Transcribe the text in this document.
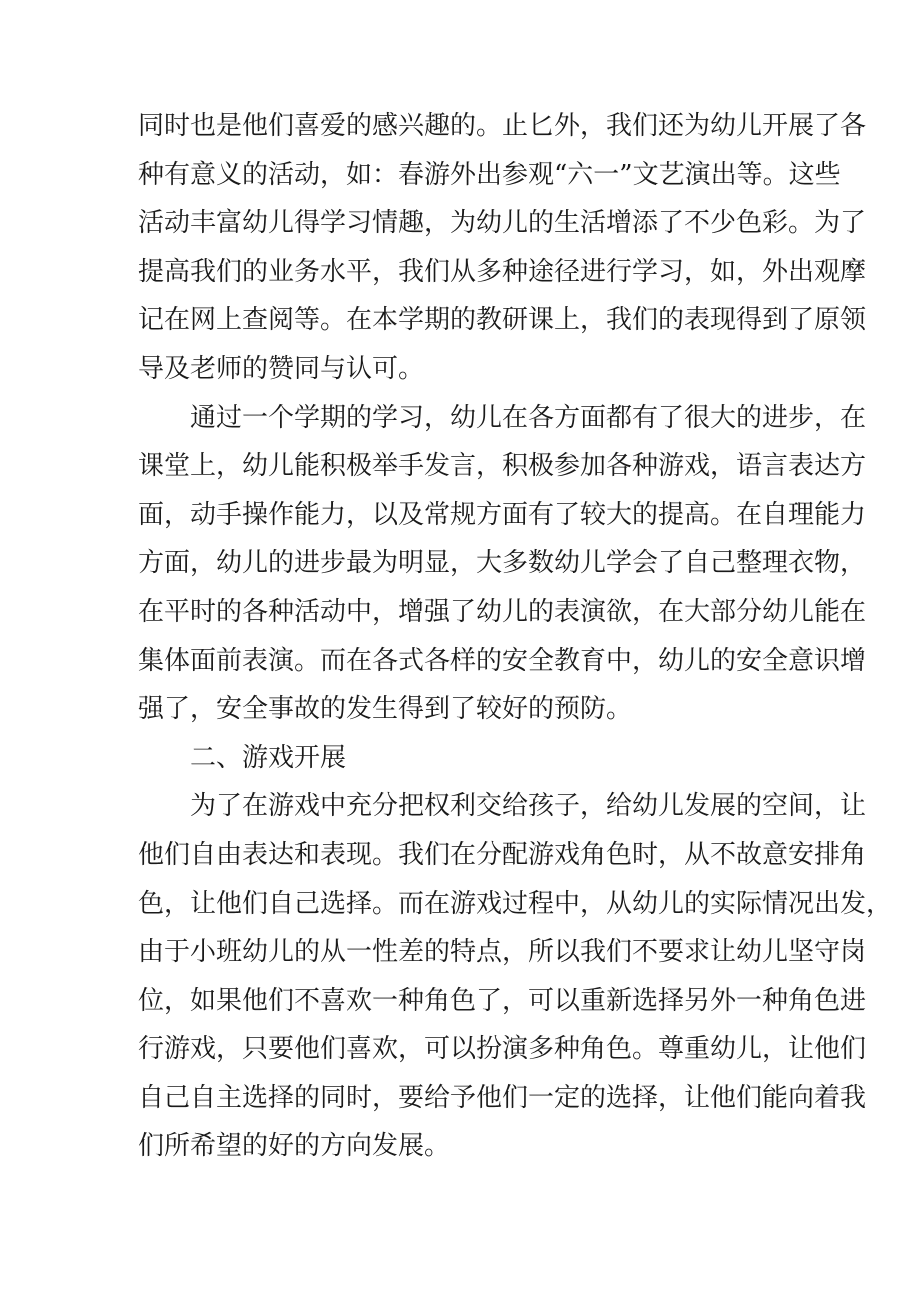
同时也是他们喜爱的感兴趣的。止匕外，我们还为幼儿开展了各
种有意义的活动，如：春游外出参观“六一”文艺演出等。这些
活动丰富幼儿得学习情趣，为幼儿的生活增添了不少色彩。为了
提高我们的业务水平，我们从多种途径进行学习，如，外出观摩
记在网上查阅等。在本学期的教研课上，我们的表现得到了原领
导及老师的赞同与认可。
通过一个学期的学习，幼儿在各方面都有了很大的进步，在
课堂上，幼儿能积极举手发言，积极参加各种游戏，语言表达方
面，动手操作能力，以及常规方面有了较大的提高。在自理能力
方面，幼儿的进步最为明显，大多数幼儿学会了自己整理衣物，
在平时的各种活动中，增强了幼儿的表演欲，在大部分幼儿能在
集体面前表演。而在各式各样的安全教育中，幼儿的安全意识增
强了，安全事故的发生得到了较好的预防。
二、游戏开展
为了在游戏中充分把权利交给孩子，给幼儿发展的空间，让
他们自由表达和表现。我们在分配游戏角色时，从不故意安排角
色，让他们自己选择。而在游戏过程中，从幼儿的实际情况出发，
由于小班幼儿的从一性差的特点，所以我们不要求让幼儿坚守岗
位，如果他们不喜欢一种角色了，可以重新选择另外一种角色进
行游戏，只要他们喜欢，可以扮演多种角色。尊重幼儿，让他们
自己自主选择的同时，要给予他们一定的选择，让他们能向着我
们所希望的好的方向发展。
